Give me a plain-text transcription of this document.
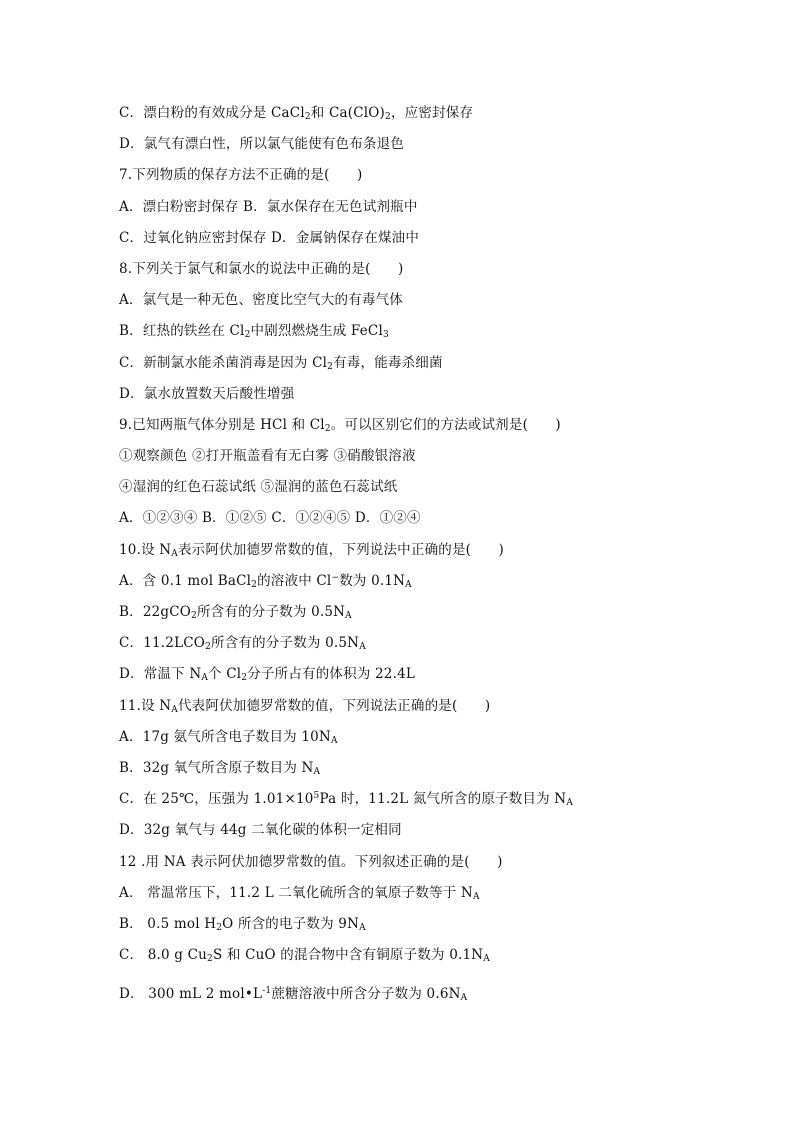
C．漂白粉的有效成分是 CaCl$_2$和 $Ca(ClO)_2$，应密封保存
D．氯气有漂白性，所以氯气能使有色布条退色
7.下列物质的保存方法不正确的是(　　)
A．漂白粉密封保存 B．氯水保存在无色试剂瓶中
C．过氧化钠应密封保存 D．金属钠保存在煤油中
8.下列关于氯气和氯水的说法中正确的是(　　)
A．氯气是一种无色、密度比空气大的有毒气体
B．红热的铁丝在 $Cl_2$中剧烈燃烧生成 FeCl$_3$
C．新制氯水能杀菌消毒是因为 $Cl_2$有毒，能毒杀细菌
D．氯水放置数天后酸性增强
9.已知两瓶气体分别是 HCl 和 $Cl_2$。可以区别它们的方法或试剂是(　　)
①观察颜色 ②打开瓶盖看有无白雾 ③硝酸银溶液
④湿润的红色石蕊试纸 ⑤湿润的蓝色石蕊试纸
A．①②③④ B．①②⑤ C．①②④⑤ D．①②④
10.设 $N_A$表示阿伏加德罗常数的值，下列说法中正确的是(　　)
A．含 0.1 mol BaCl$_2$的溶液中 Cl−数为 $0.1N_A$
B．22gCO$_2$所含有的分子数为 $0.5N_A$
C．$11.2LCO_2$所含有的分子数为 $0.5N_A$
D．常温下 $N_A$个 $Cl_2$分子所占有的体积为 22.4L
11.设 $N_A$代表阿伏加德罗常数的值，下列说法正确的是(　　)
A．17g 氨气所含电子数目为 $10N_A$
B．32g 氧气所含原子数目为 $N_A$
C．在 25℃，压强为 $1.01\times 10^5Pa$ 时，11.2L 氮气所含的原子数目为 $N_A$
D．32g 氧气与 44g 二氧化碳的体积一定相同
12 .用 NA 表示阿伏加德罗常数的值。下列叙述正确的是(　　)
A． 常温常压下，11.2 L 二氧化硫所含的氧原子数等于 $N_A$
B． 0.5 mol $H_2O$ 所含的电子数为 $9N_A$
C． 8.0 g $Cu_2S$ 和 CuO 的混合物中含有铜原子数为 $0.1N_A$
D． 300 mL 2 $mol•L^{-1}$蔗糖溶液中所含分子数为 $0.6N_A$
